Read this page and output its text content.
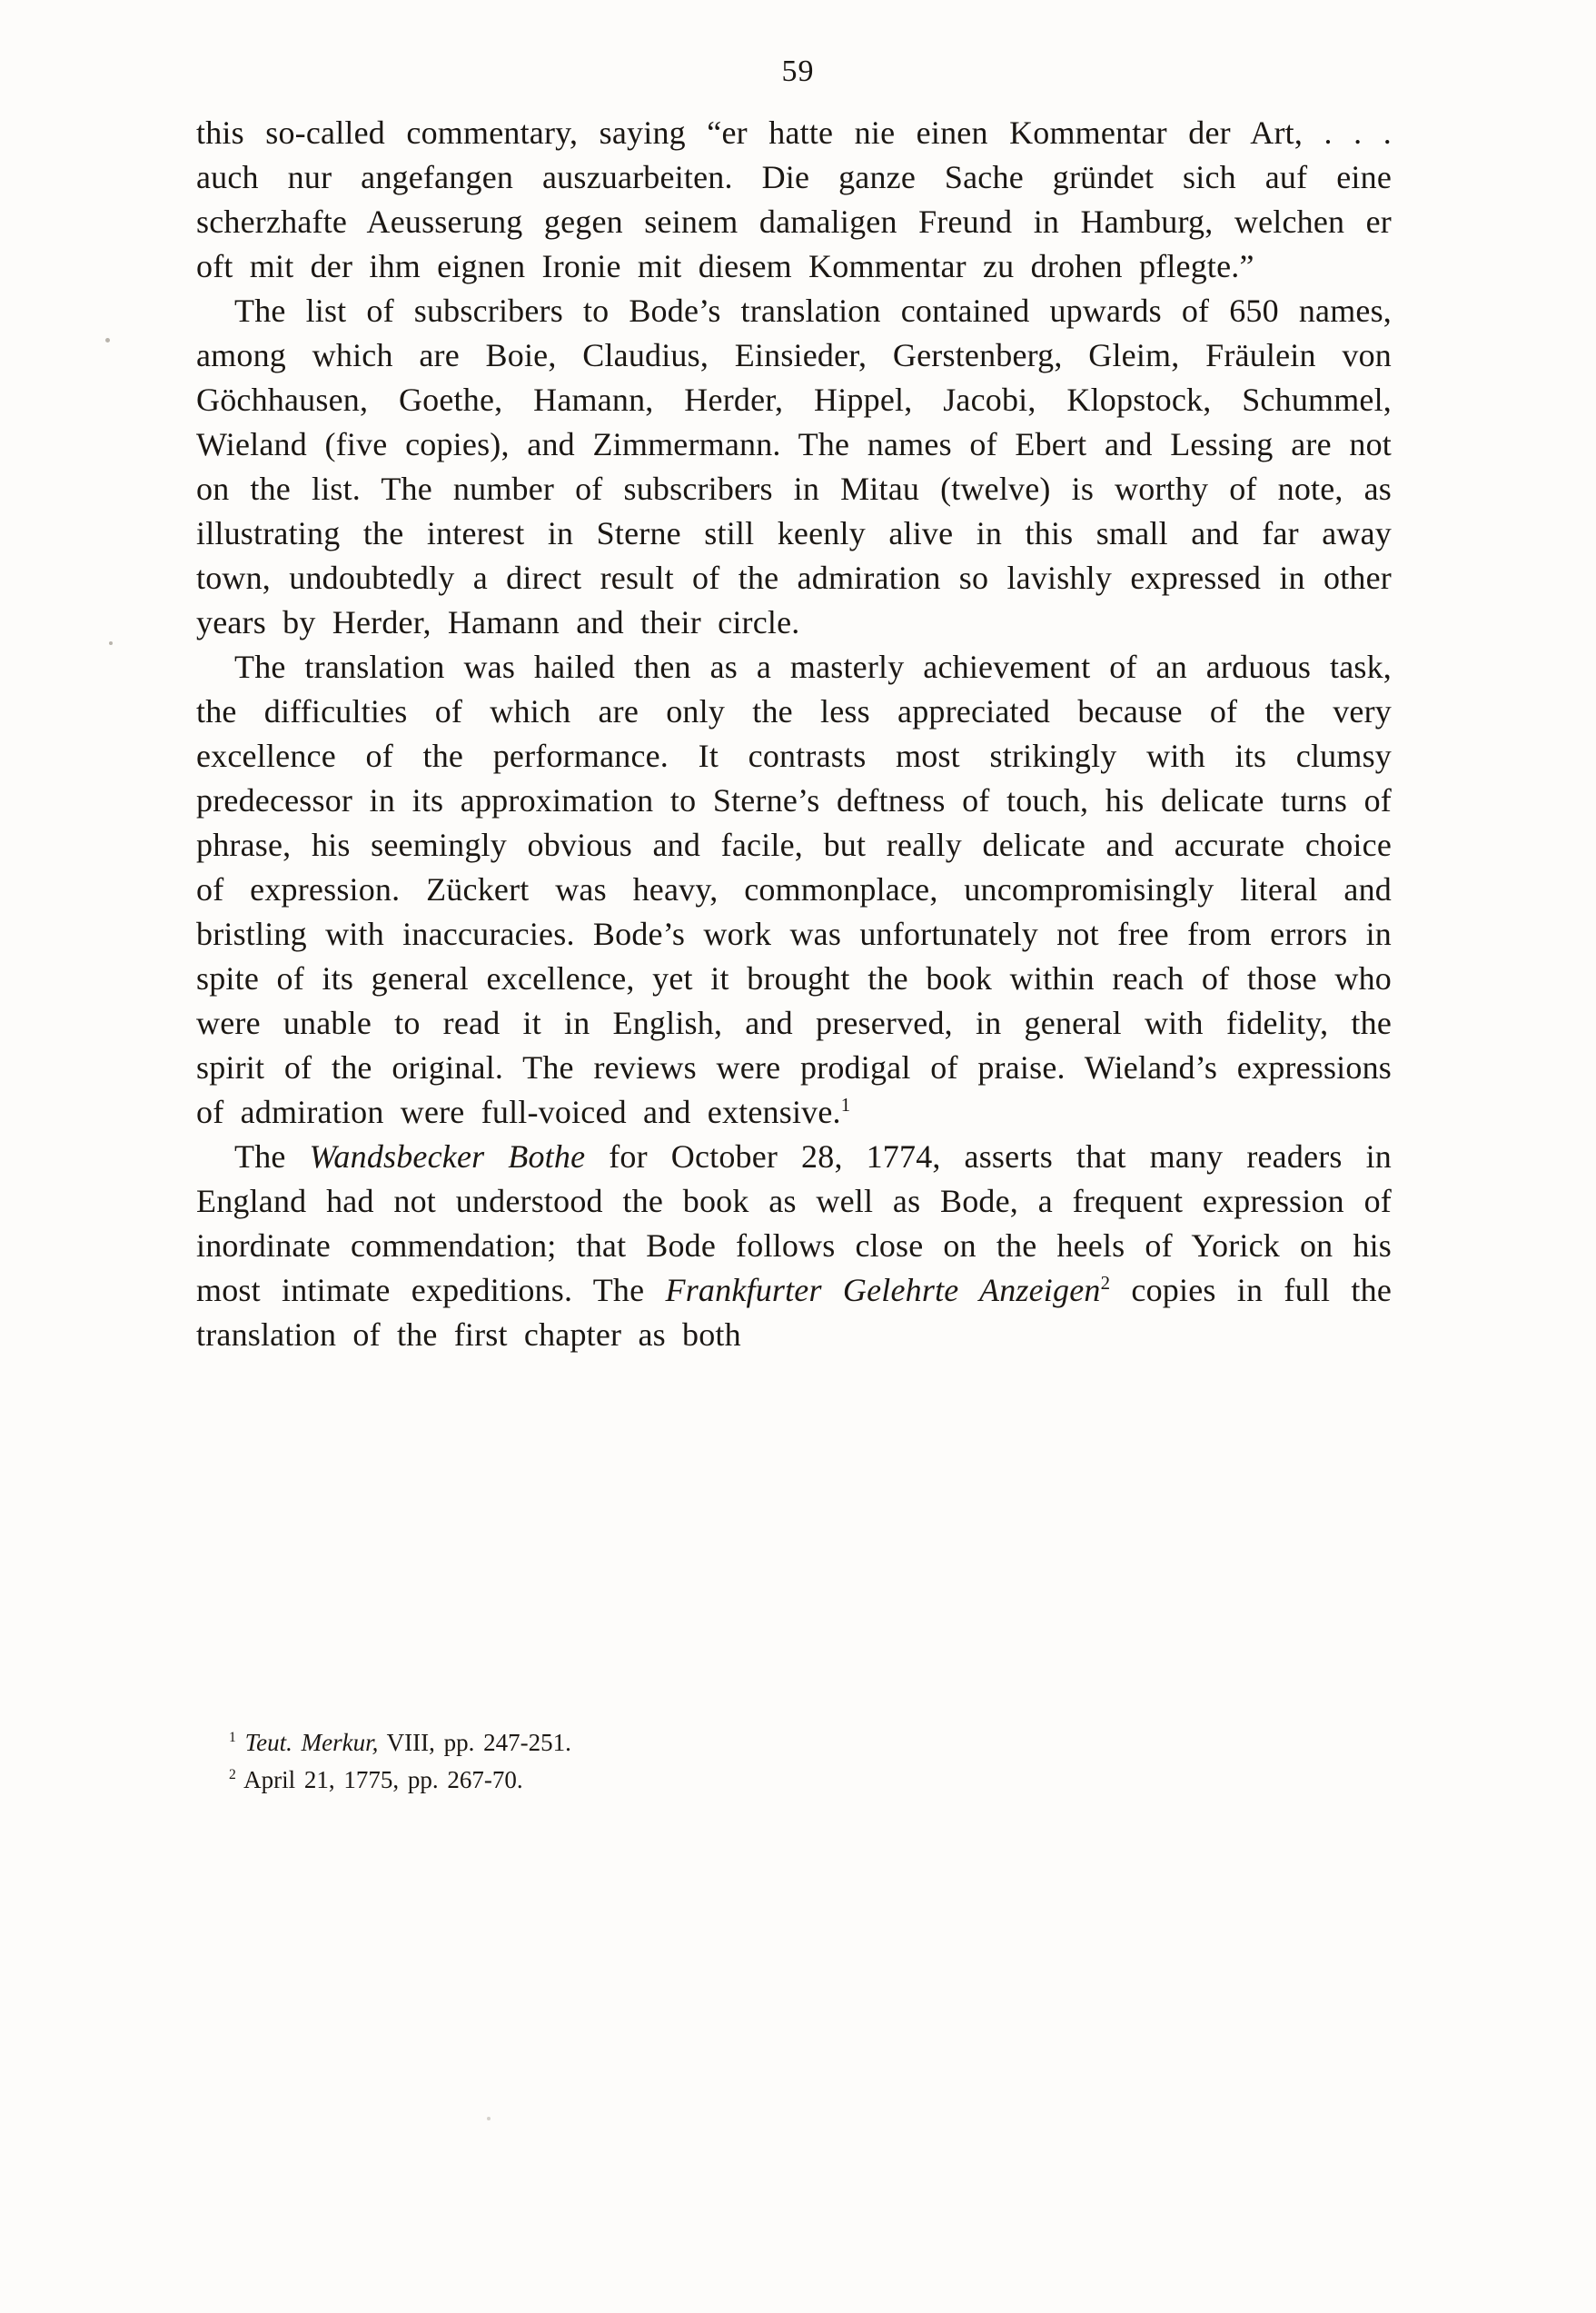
59

this so-called commentary, saying “er hatte nie einen Kommentar der Art, . . . auch nur angefangen auszuarbeiten. Die ganze Sache gründet sich auf eine scherzhafte Aeusserung gegen seinem damaligen Freund in Hamburg, welchen er oft mit der ihm eignen Ironie mit diesem Kommentar zu drohen pflegte.”

The list of subscribers to Bode’s translation contained upwards of 650 names, among which are Boie, Claudius, Einsieder, Gerstenberg, Gleim, Fräulein von Göchhausen, Goethe, Hamann, Herder, Hippel, Jacobi, Klopstock, Schummel, Wieland (five copies), and Zimmermann. The names of Ebert and Lessing are not on the list. The number of subscribers in Mitau (twelve) is worthy of note, as illustrating the interest in Sterne still keenly alive in this small and far away town, undoubtedly a direct result of the admiration so lavishly expressed in other years by Herder, Hamann and their circle.

The translation was hailed then as a masterly achievement of an arduous task, the difficulties of which are only the less appreciated because of the very excellence of the performance. It contrasts most strikingly with its clumsy predecessor in its approximation to Sterne’s deftness of touch, his delicate turns of phrase, his seemingly obvious and facile, but really delicate and accurate choice of expression. Zückert was heavy, commonplace, uncompromisingly literal and bristling with inaccuracies. Bode’s work was unfortunately not free from errors in spite of its general excellence, yet it brought the book within reach of those who were unable to read it in English, and preserved, in general with fidelity, the spirit of the original. The reviews were prodigal of praise. Wieland’s expressions of admiration were full-voiced and extensive.$^1$

The Wandsbecker Bothe for October 28, 1774, asserts that many readers in England had not understood the book as well as Bode, a frequent expression of inordinate commendation; that Bode follows close on the heels of Yorick on his most intimate expeditions. The Frankfurter Gelehrte Anzeigen$^2$ copies in full the translation of the first chapter as both

$^1$ Teut. Merkur, VIII, pp. 247-251.
$^2$ April 21, 1775, pp. 267-70.
